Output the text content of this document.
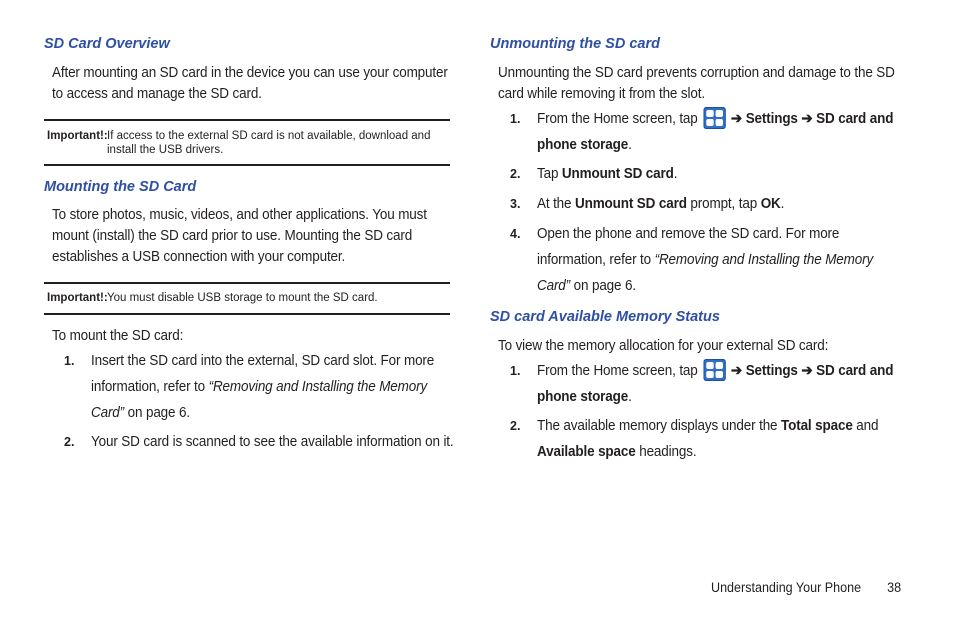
SD Card Overview
After mounting an SD card in the device you can use your computer to access and manage the SD card.
Important!: If access to the external SD card is not available, download and install the USB drivers.
Mounting the SD Card
To store photos, music, videos, and other applications. You must mount (install) the SD card prior to use. Mounting the SD card establishes a USB connection with your computer.
Important!: You must disable USB storage to mount the SD card.
To mount the SD card:
1. Insert the SD card into the external, SD card slot. For more information, refer to “Removing and Installing the Memory Card” on page 6.
2. Your SD card is scanned to see the available information on it.
Unmounting the SD card
Unmounting the SD card prevents corruption and damage to the SD card while removing it from the slot.
1. From the Home screen, tap ➔ Settings ➔ SD card and phone storage.
2. Tap Unmount SD card.
3. At the Unmount SD card prompt, tap OK.
4. Open the phone and remove the SD card. For more information, refer to “Removing and Installing the Memory Card” on page 6.
SD card Available Memory Status
To view the memory allocation for your external SD card:
1. From the Home screen, tap ➔ Settings ➔ SD card and phone storage.
2. The available memory displays under the Total space and Available space headings.
Understanding Your Phone 38
